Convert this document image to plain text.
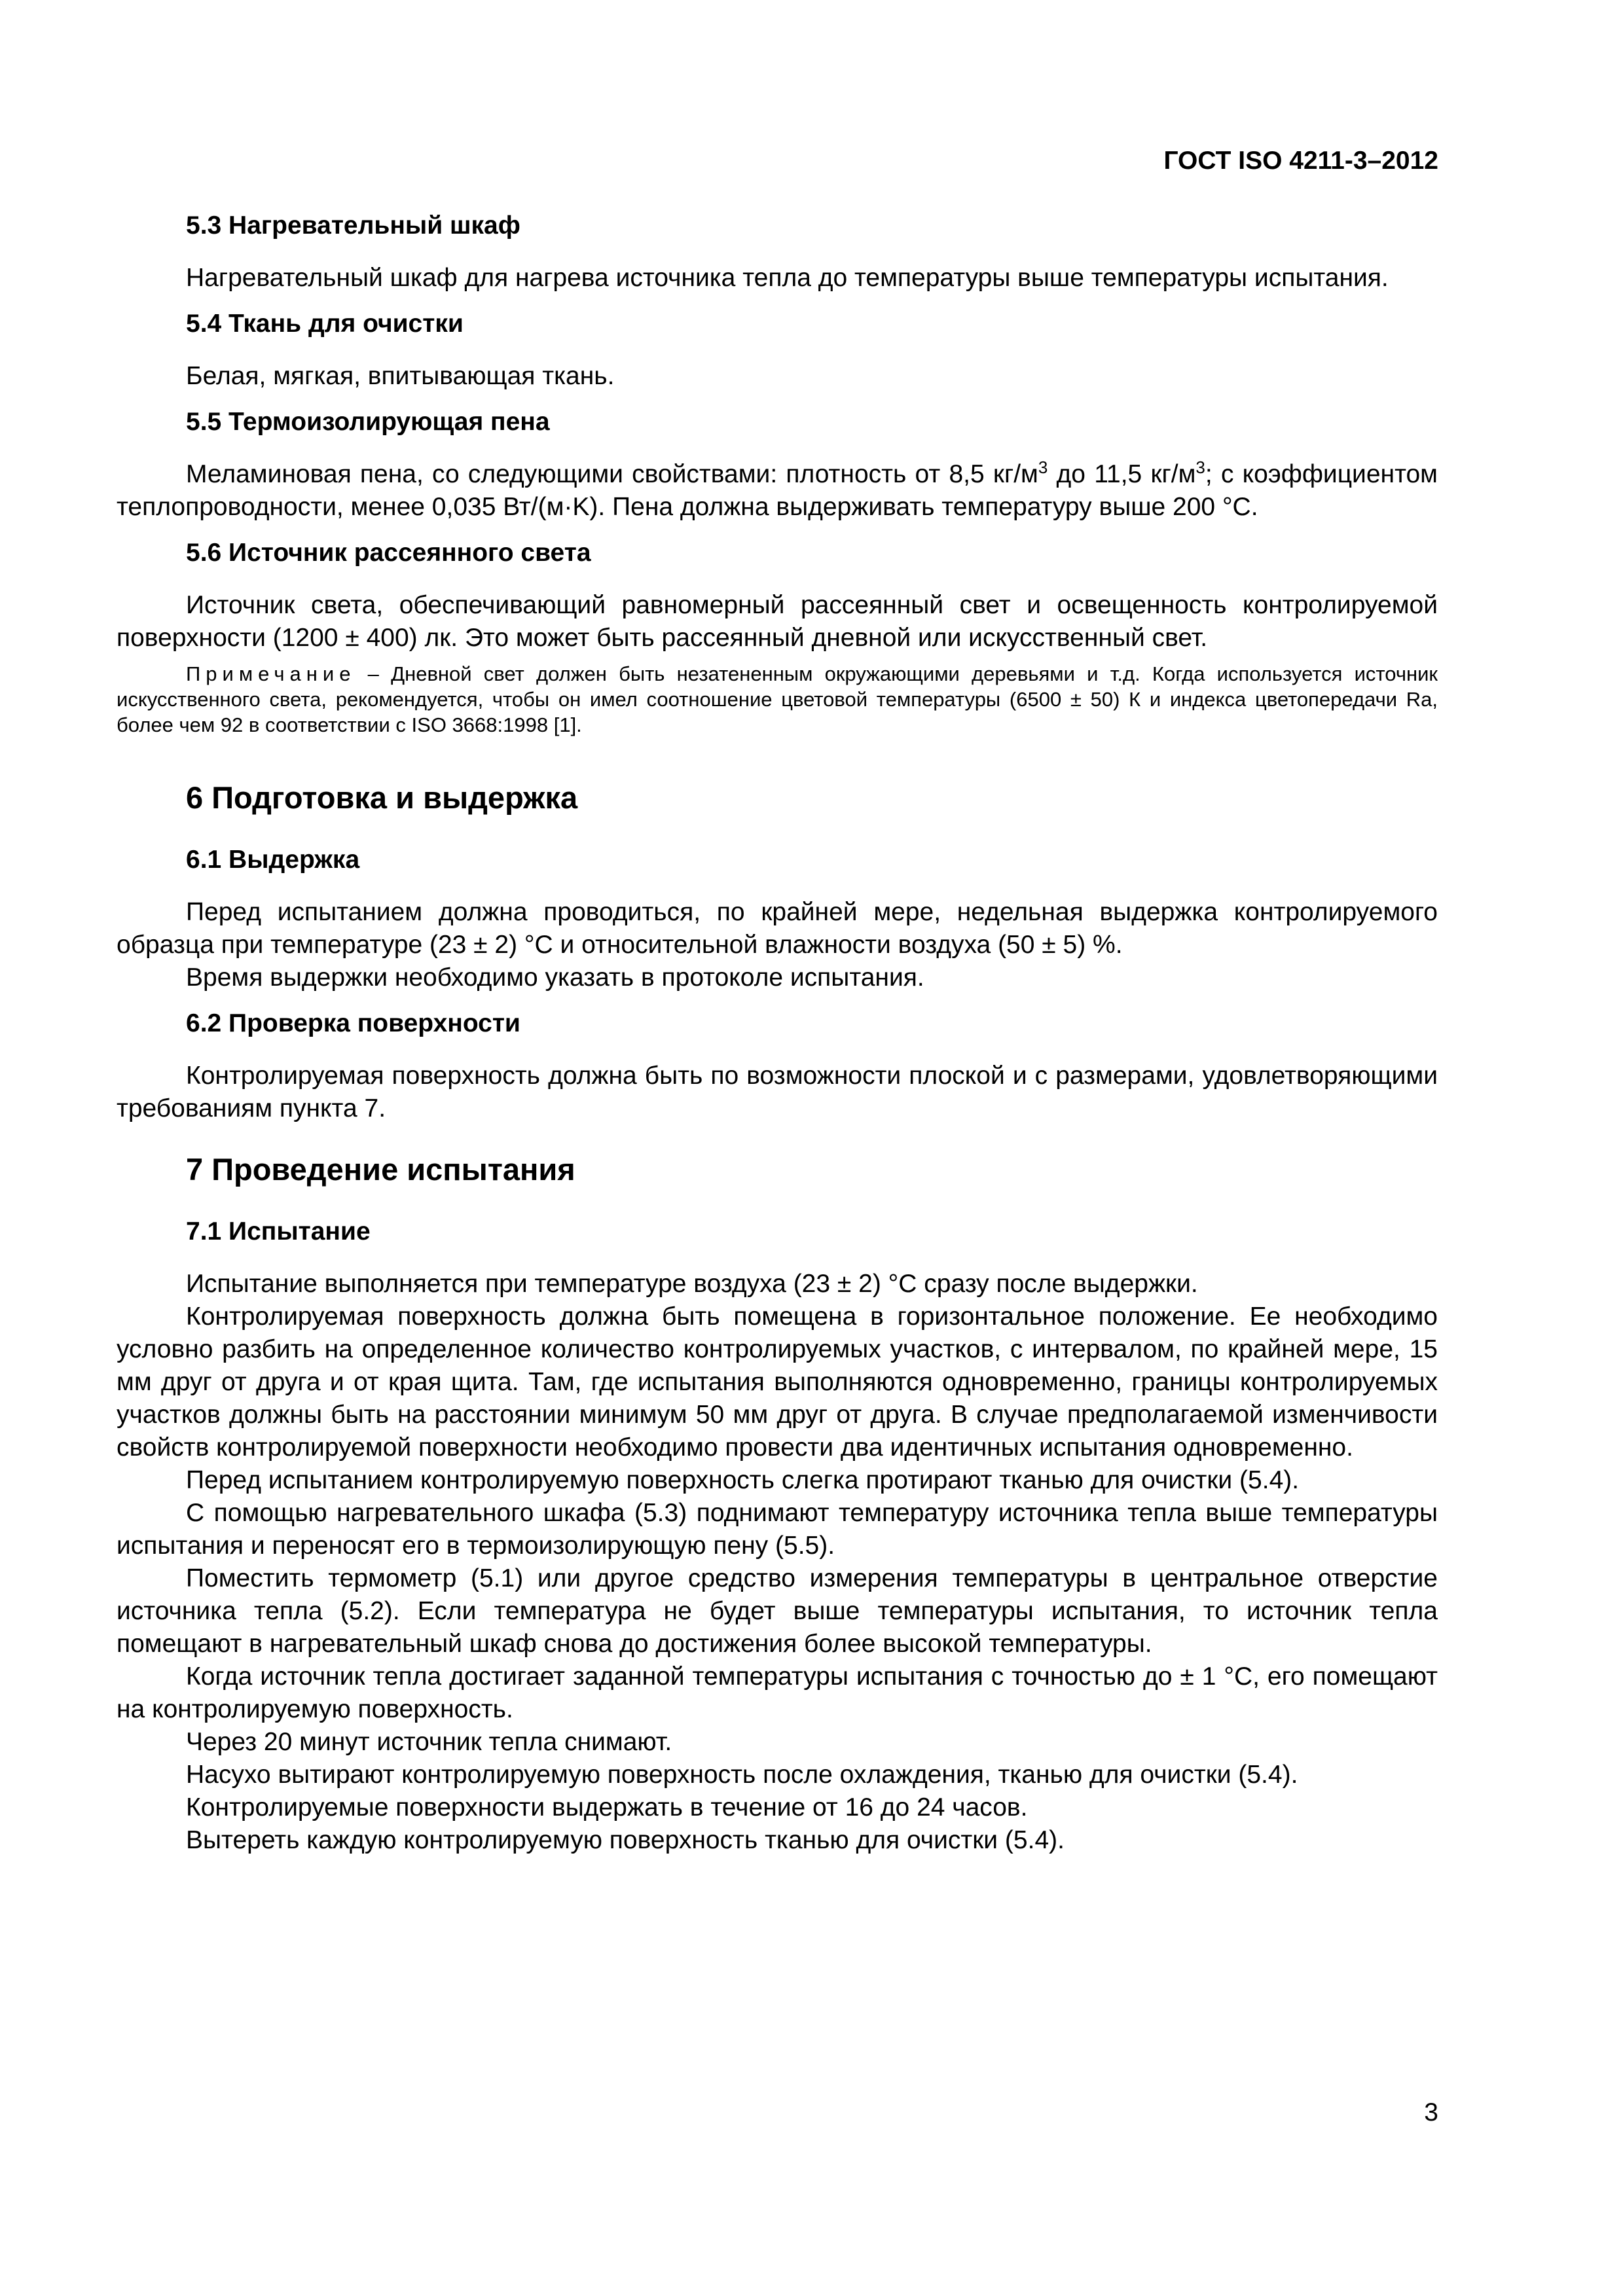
ГОСТ ISO 4211-3–2012
5.3 Нагревательный шкаф

Нагревательный шкаф для нагрева источника тепла до температуры выше температуры испытания.

5.4 Ткань для очистки

Белая, мягкая, впитывающая ткань.

5.5 Термоизолирующая пена

Меламиновая пена, со следующими свойствами: плотность от 8,5 $кг/м^3$ до 11,5 $кг/м^3$; с коэффициентом теплопроводности, менее 0,035 Вт/(м·K). Пена должна выдерживать температуру выше 200 °С.

5.6 Источник рассеянного света

Источник света, обеспечивающий равномерный рассеянный свет и освещенность контролируемой поверхности (1200 ± 400) лк. Это может быть рассеянный дневной или искусственный свет.

Примечание – Дневной свет должен быть незатененным окружающими деревьями и т.д. Когда используется источник искусственного света, рекомендуется, чтобы он имел соотношение цветовой температуры (6500 ± 50) К и индекса цветопередачи Ra, более чем 92 в соответствии с ISO 3668:1998 [1].

6 Подготовка и выдержка
6.1 Выдержка

Перед испытанием должна проводиться, по крайней мере, недельная выдержка контролируемого образца при температуре (23 ± 2) °С и относительной влажности воздуха (50 ± 5) %.

Время выдержки необходимо указать в протоколе испытания.

6.2 Проверка поверхности

Контролируемая поверхность должна быть по возможности плоской и с размерами, удовлетворяющими требованиям пункта 7.

7 Проведение испытания
7.1 Испытание

Испытание выполняется при температуре воздуха (23 ± 2) °С сразу после выдержки.

Контролируемая поверхность должна быть помещена в горизонтальное положение. Ее необходимо условно разбить на определенное количество контролируемых участков, с интервалом, по крайней мере, 15 мм друг от друга и от края щита. Там, где испытания выполняются одновременно, границы контролируемых участков должны быть на расстоянии минимум 50 мм друг от друга. В случае предполагаемой изменчивости свойств контролируемой поверхности необходимо провести два идентичных испытания одновременно.

Перед испытанием контролируемую поверхность слегка протирают тканью для очистки (5.4).

С помощью нагревательного шкафа (5.3) поднимают температуру источника тепла выше температуры испытания и переносят его в термоизолирующую пену (5.5).

Поместить термометр (5.1) или другое средство измерения температуры в центральное отверстие источника тепла (5.2). Если температура не будет выше температуры испытания, то источник тепла помещают в нагревательный шкаф снова до достижения более высокой температуры.

Когда источник тепла достигает заданной температуры испытания с точностью до ± 1 °С, его помещают на контролируемую поверхность.

Через 20 минут источник тепла снимают.

Насухо вытирают контролируемую поверхность после охлаждения, тканью для очистки (5.4).

Контролируемые поверхности выдержать в течение от 16 до 24 часов.

Вытереть каждую контролируемую поверхность тканью для очистки (5.4).

3
